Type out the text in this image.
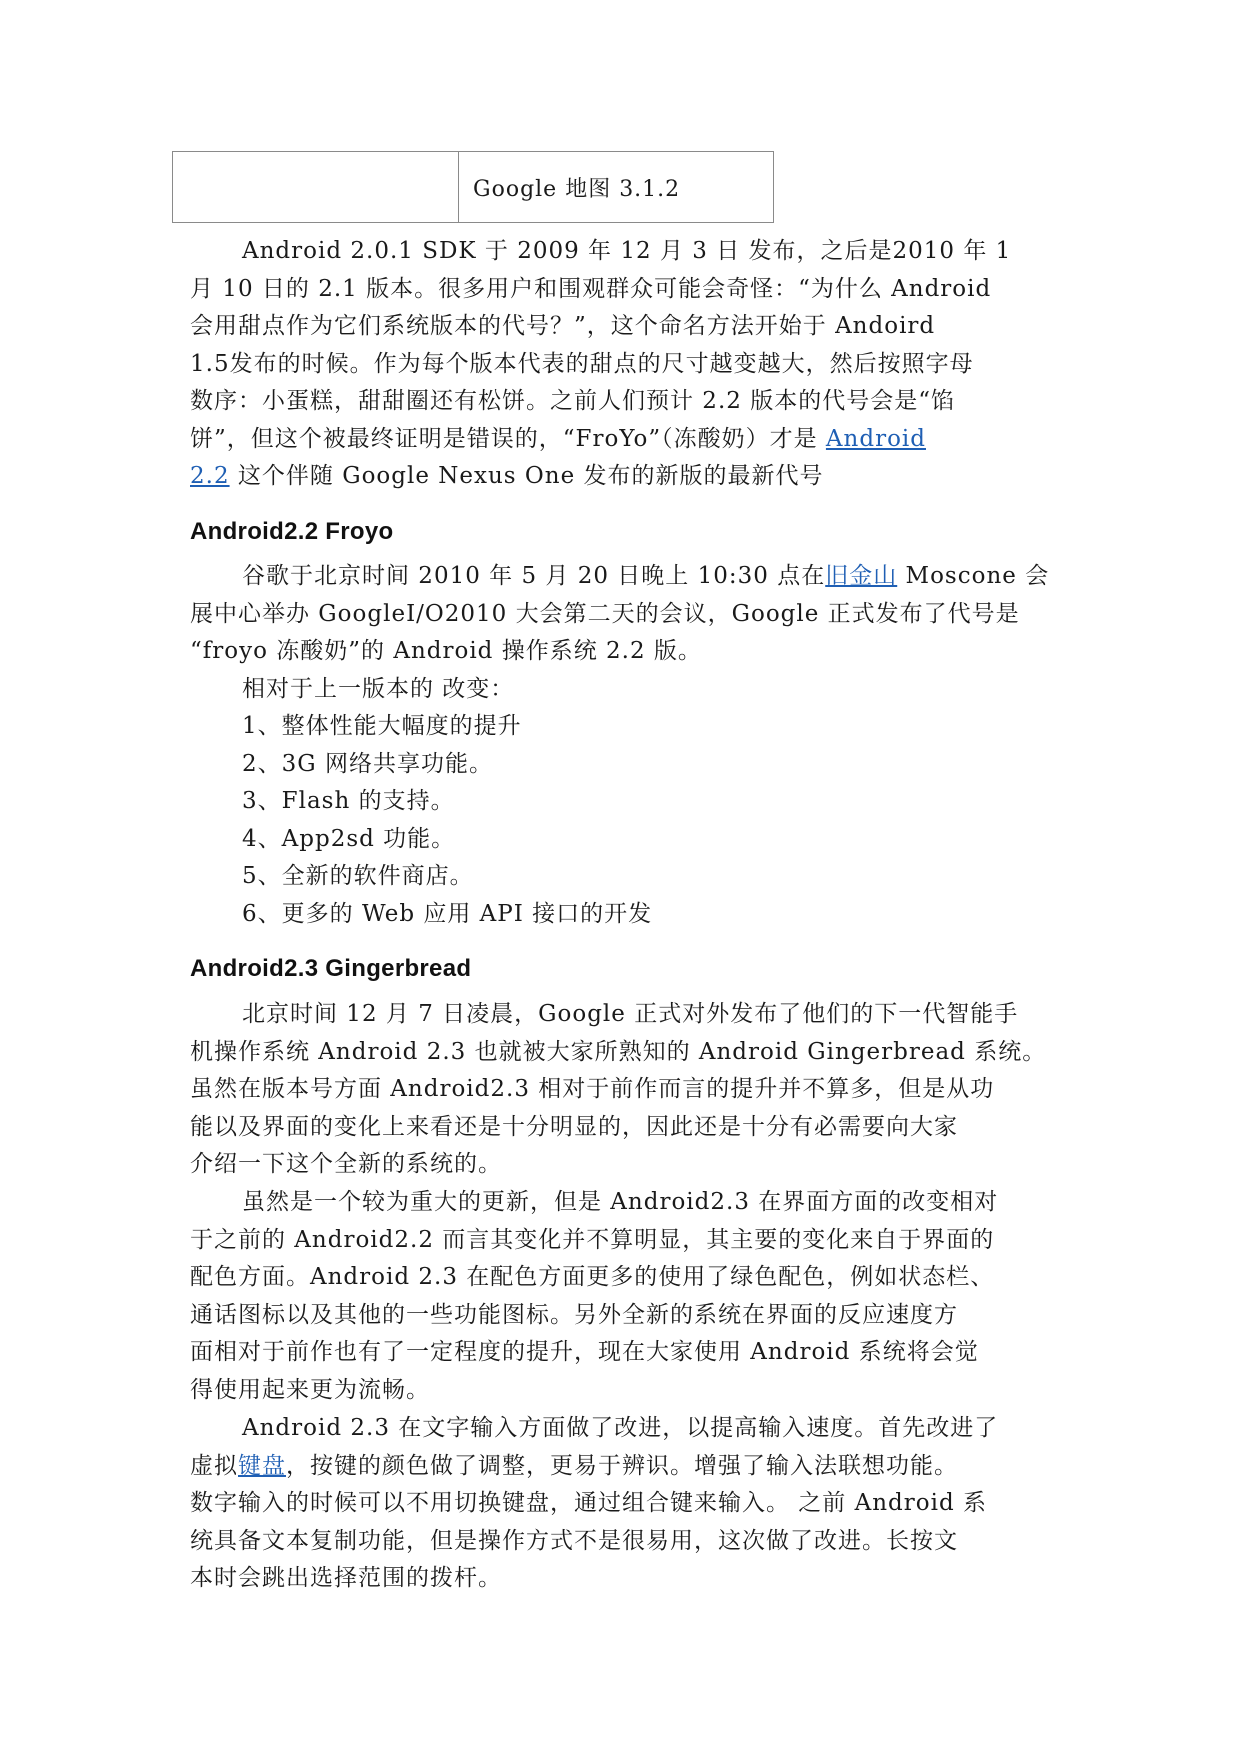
Google 地图 3.1.2

Android 2.0.1 SDK 于 2009 年 12 月 3 日 发布，之后是2010 年 1
月 10 日的 2.1 版本。很多用户和围观群众可能会奇怪：“为什么 Android
会用甜点作为它们系统版本的代号？”，这个命名方法开始于 Andoird
1.5发布的时候。作为每个版本代表的甜点的尺寸越变越大，然后按照字母
数序：小蛋糕，甜甜圈还有松饼。之前人们预计 2.2 版本的代号会是“馅
饼”，但这个被最终证明是错误的，“FroYo”（冻酸奶）才是 Android
2.2 这个伴随 Google Nexus One 发布的新版的最新代号

Android2.2 Froyo

谷歌于北京时间 2010 年 5 月 20 日晚上 10:30 点在旧金山 Moscone 会
展中心举办 GoogleI/O2010 大会第二天的会议，Google 正式发布了代号是
“froyo 冻酸奶”的 Android 操作系统 2.2 版。
相对于上一版本的 改变：
1、整体性能大幅度的提升
2、3G 网络共享功能。
3、Flash 的支持。
4、App2sd 功能。
5、全新的软件商店。
6、更多的 Web 应用 API 接口的开发

Android2.3 Gingerbread

北京时间 12 月 7 日凌晨，Google 正式对外发布了他们的下一代智能手
机操作系统 Android 2.3 也就被大家所熟知的 Android Gingerbread 系统。
虽然在版本号方面 Android2.3 相对于前作而言的提升并不算多，但是从功
能以及界面的变化上来看还是十分明显的，因此还是十分有必需要向大家
介绍一下这个全新的系统的。

虽然是一个较为重大的更新，但是 Android2.3 在界面方面的改变相对
于之前的 Android2.2 而言其变化并不算明显，其主要的变化来自于界面的
配色方面。Android 2.3 在配色方面更多的使用了绿色配色，例如状态栏、
通话图标以及其他的一些功能图标。另外全新的系统在界面的反应速度方
面相对于前作也有了一定程度的提升，现在大家使用 Android 系统将会觉
得使用起来更为流畅。

Android 2.3 在文字输入方面做了改进，以提高输入速度。首先改进了
虚拟键盘，按键的颜色做了调整，更易于辨识。增强了输入法联想功能。
数字输入的时候可以不用切换键盘，通过组合键来输入。 之前 Android 系
统具备文本复制功能，但是操作方式不是很易用，这次做了改进。长按文
本时会跳出选择范围的拨杆。
